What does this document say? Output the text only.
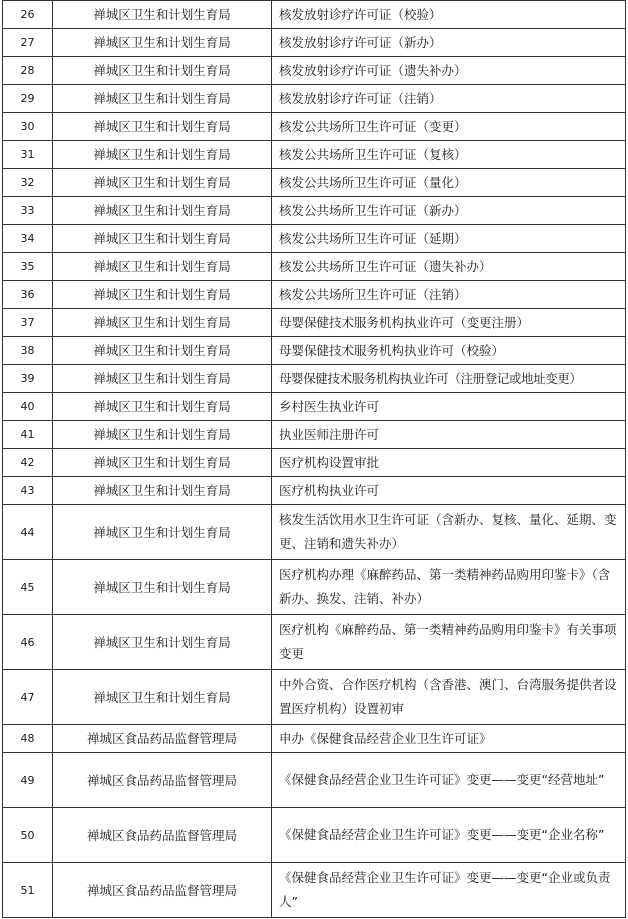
26	禅城区卫生和计划生育局	核发放射诊疗许可证（校验）
27	禅城区卫生和计划生育局	核发放射诊疗许可证（新办）
28	禅城区卫生和计划生育局	核发放射诊疗许可证（遗失补办）
29	禅城区卫生和计划生育局	核发放射诊疗许可证（注销）
30	禅城区卫生和计划生育局	核发公共场所卫生许可证（变更）
31	禅城区卫生和计划生育局	核发公共场所卫生许可证（复核）
32	禅城区卫生和计划生育局	核发公共场所卫生许可证（量化）
33	禅城区卫生和计划生育局	核发公共场所卫生许可证（新办）
34	禅城区卫生和计划生育局	核发公共场所卫生许可证（延期）
35	禅城区卫生和计划生育局	核发公共场所卫生许可证（遗失补办）
36	禅城区卫生和计划生育局	核发公共场所卫生许可证（注销）
37	禅城区卫生和计划生育局	母婴保健技术服务机构执业许可（变更注册）
38	禅城区卫生和计划生育局	母婴保健技术服务机构执业许可（校验）
39	禅城区卫生和计划生育局	母婴保健技术服务机构执业许可（注册登记或地址变更）
40	禅城区卫生和计划生育局	乡村医生执业许可
41	禅城区卫生和计划生育局	执业医师注册许可
42	禅城区卫生和计划生育局	医疗机构设置审批
43	禅城区卫生和计划生育局	医疗机构执业许可
44	禅城区卫生和计划生育局	核发生活饮用水卫生许可证（含新办、复核、量化、延期、变更、注销和遗失补办）
45	禅城区卫生和计划生育局	医疗机构办理《麻醉药品、第一类精神药品购用印鉴卡》（含新办、换发、注销、补办）
46	禅城区卫生和计划生育局	医疗机构《麻醉药品、第一类精神药品购用印鉴卡》有关事项变更
47	禅城区卫生和计划生育局	中外合资、合作医疗机构（含香港、澳门、台湾服务提供者设置医疗机构）设置初审
48	禅城区食品药品监督管理局	申办《保健食品经营企业卫生许可证》
49	禅城区食品药品监督管理局	《保健食品经营企业卫生许可证》变更——变更“经营地址”
50	禅城区食品药品监督管理局	《保健食品经营企业卫生许可证》变更——变更“企业名称”
51	禅城区食品药品监督管理局	《保健食品经营企业卫生许可证》变更——变更“企业或负责人”
